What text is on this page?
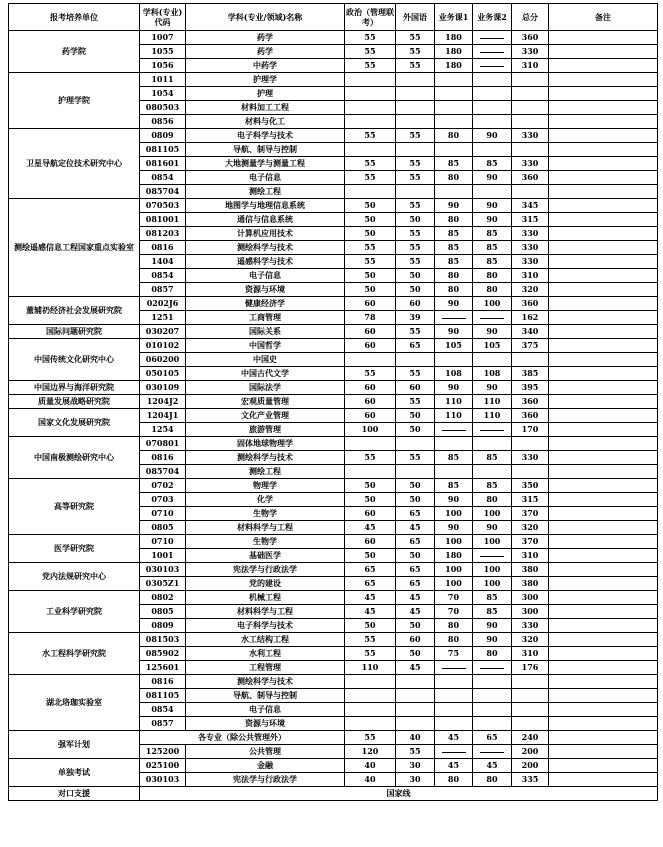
报考培养单位	学科(专业)代码	学科(专业/领域)名称	政治（管理联考）	外国语	业务课1	业务课2	总分	备注
药学院	1007	药学	55	55	180		360	
	1055	药学	55	55	180		330	
	1056	中药学	55	55	180		310	
护理学院	1011	护理学						
	1054	护理						
	080503	材料加工工程						
	0856	材料与化工						
卫星导航定位技术研究中心	0809	电子科学与技术	55	55	80	90	330	
	081105	导航、制导与控制						
	081601	大地测量学与测量工程	55	55	85	85	330	
	0854	电子信息	55	55	80	90	360	
	085704	测绘工程						
测绘遥感信息工程国家重点实验室	070503	地图学与地理信息系统	50	55	90	90	345	
	081001	通信与信息系统	50	50	80	90	315	
	081203	计算机应用技术	50	55	85	85	330	
	0816	测绘科学与技术	55	55	85	85	330	
	1404	遥感科学与技术	55	55	85	85	330	
	0854	电子信息	50	50	80	80	310	
	0857	资源与环境	50	50	80	80	320	
董辅礽经济社会发展研究院	0202J6	健康经济学	60	60	90	100	360	
	1251	工商管理	78	39			162	
国际问题研究院	030207	国际关系	60	55	90	90	340	
中国传统文化研究中心	010102	中国哲学	60	65	105	105	375	
	060200	中国史						
	050105	中国古代文学	55	55	108	108	385	
中国边界与海洋研究院	030109	国际法学	60	60	90	90	395	
质量发展战略研究院	1204J2	宏观质量管理	60	55	110	110	360	
国家文化发展研究院	1204J1	文化产业管理	60	50	110	110	360	
	1254	旅游管理	100	50			170	
中国南极测绘研究中心	070801	固体地球物理学						
	0816	测绘科学与技术	55	55	85	85	330	
	085704	测绘工程						
高等研究院	0702	物理学	50	50	85	85	350	
	0703	化学	50	50	90	80	315	
	0710	生物学	60	65	100	100	370	
	0805	材料科学与工程	45	45	90	90	320	
医学研究院	0710	生物学	60	65	100	100	370	
	1001	基础医学	50	50	180		310	
党内法规研究中心	030103	宪法学与行政法学	65	65	100	100	380	
	0305Z1	党的建设	65	65	100	100	380	
工业科学研究院	0802	机械工程	45	45	70	85	300	
	0805	材料科学与工程	45	45	70	85	300	
	0809	电子科学与技术	50	50	80	90	330	
水工程科学研究院	081503	水工结构工程	55	60	80	90	320	
	085902	水利工程	55	50	75	80	310	
	125601	工程管理	110	45			176	
湖北珞珈实验室	0816	测绘科学与技术						
	081105	导航、制导与控制						
	0854	电子信息						
	0857	资源与环境						
强军计划	各专业（除公共管理外）		55	40	45	65	240	
	125200	公共管理	120	55			200	
单独考试	025100	金融	40	30	45	45	200	
	030103	宪法学与行政法学	40	30	80	80	335	
对口支援	国家线							
